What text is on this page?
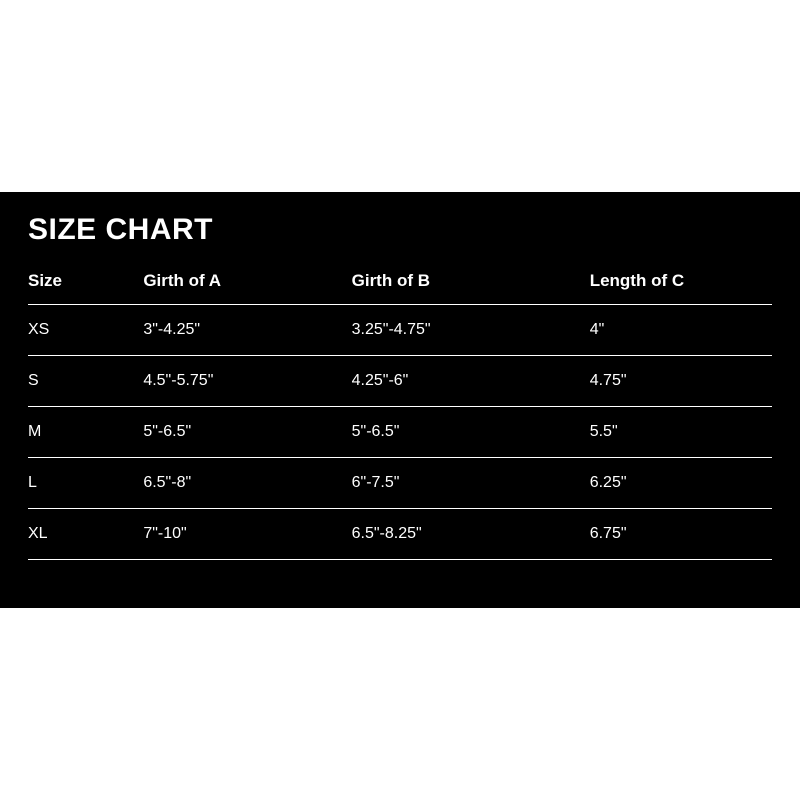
SIZE CHART
Size	Girth of A	Girth of B	Length of C
XS	3"-4.25"	3.25"-4.75"	4"
S	4.5"-5.75"	4.25"-6"	4.75"
M	5"-6.5"	5"-6.5"	5.5"
L	6.5"-8"	6"-7.5"	6.25"
XL	7"-10"	6.5"-8.25"	6.75"
